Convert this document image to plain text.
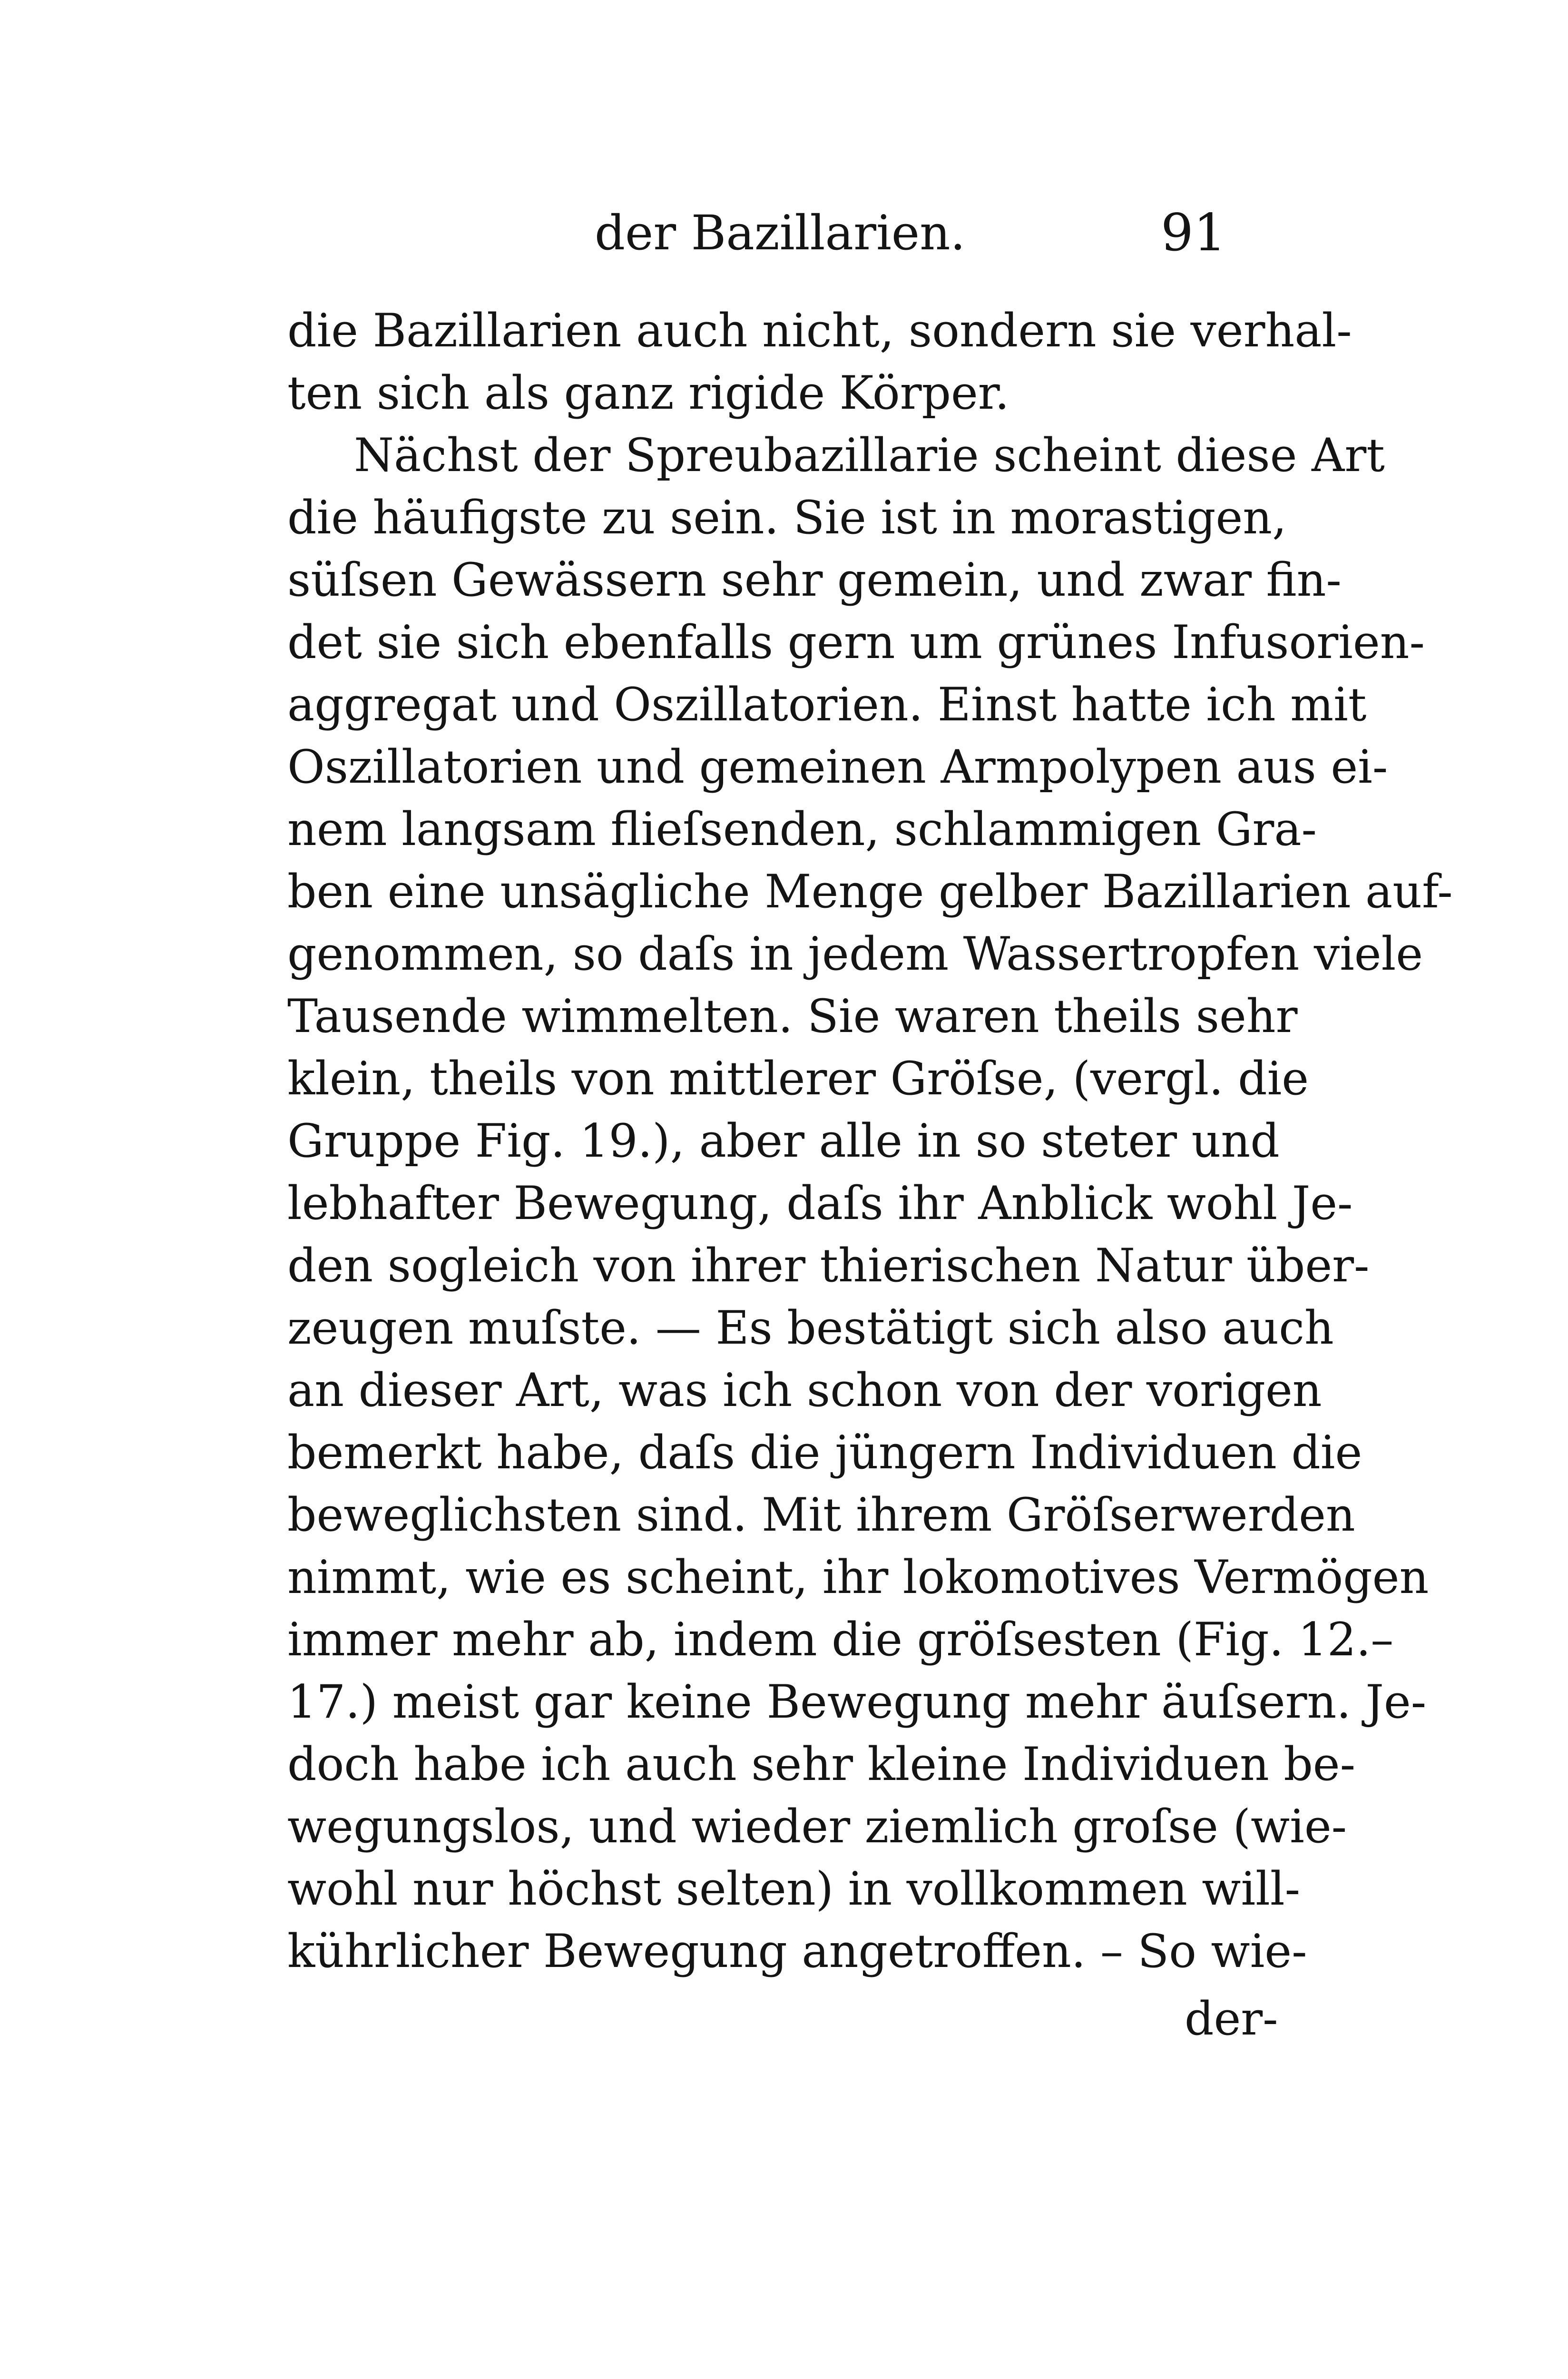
der Bazillarien.	91
die Bazillarien auch nicht, sondern sie verhal-
ten sich als ganz rigide Körper.
Nächst der Spreubazillarie scheint diese Art
die häufigste zu sein. Sie ist in morastigen,
süſsen Gewässern sehr gemein, und zwar fin-
det sie sich ebenfalls gern um grünes Infusorien-
aggregat und Oszillatorien. Einst hatte ich mit
Oszillatorien und gemeinen Armpolypen aus ei-
nem langsam flieſsenden, schlammigen Gra-
ben eine unsägliche Menge gelber Bazillarien auf-
genommen, so daſs in jedem Wassertropfen viele
Tausende wimmelten. Sie waren theils sehr
klein, theils von mittlerer Gröſse, (vergl. die
Gruppe Fig. 19.), aber alle in so steter und
lebhafter Bewegung, daſs ihr Anblick wohl Je-
den sogleich von ihrer thierischen Natur über-
zeugen muſste. — Es bestätigt sich also auch
an dieser Art, was ich schon von der vorigen
bemerkt habe, daſs die jüngern Individuen die
beweglichsten sind. Mit ihrem Gröſserwerden
nimmt, wie es scheint, ihr lokomotives Vermögen
immer mehr ab, indem die gröſsesten (Fig. 12.–
17.) meist gar keine Bewegung mehr äuſsern. Je-
doch habe ich auch sehr kleine Individuen be-
wegungslos, und wieder ziemlich groſse (wie-
wohl nur höchst selten) in vollkommen will-
kührlicher Bewegung angetroffen. – So wie-
der-
